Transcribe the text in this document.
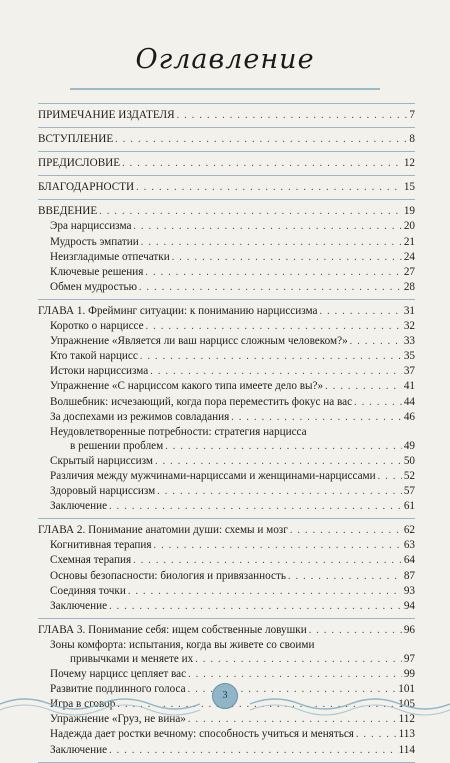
Оглавление
ПРИМЕЧАНИЕ ИЗДАТЕЛЯ . . .	7
ВСТУПЛЕНИЕ . . .	8
ПРЕДИСЛОВИЕ . . .	12
БЛАГОДАРНОСТИ . . .	15
ВВЕДЕНИЕ . . .	19
Эра нарциссизма . . .	20
Мудрость эмпатии . . .	21
Неизгладимые отпечатки . . .	24
Ключевые решения . . .	27
Обмен мудростью . . .	28
ГЛАВА 1. Фрейминг ситуации: к пониманию нарциссизма . . .	31
Коротко о нарциссе . . .	32
Упражнение «Является ли ваш нарцисс сложным человеком?» . . .	33
Кто такой нарцисс . . .	35
Истоки нарциссизма . . .	37
Упражнение «С нарциссом какого типа имеете дело вы?» . . .	41
Волшебник: исчезающий, когда пора переместить фокус на вас . . .	44
За доспехами из режимов совладания . . .	46
Неудовлетворенные потребности: стратегия нарцисса
в решении проблем . . .	49
Скрытый нарциссизм . . .	50
Различия между мужчинами-нарциссами и женщинами-нарциссами . . .	52
Здоровый нарциссизм . . .	57
Заключение . . .	61
ГЛАВА 2. Понимание анатомии души: схемы и мозг . . .	62
Когнитивная терапия . . .	63
Схемная терапия . . .	64
Основы безопасности: биология и привязанность . . .	87
Соединяя точки . . .	93
Заключение . . .	94
ГЛАВА 3. Понимание себя: ищем собственные ловушки . . .	96
Зоны комфорта: испытания, когда вы живете со своими
привычками и меняете их . . .	97
Почему нарцисс цепляет вас . . .	99
Развитие подлинного голоса . . .	101
Игра в сговор . . .	105
Упражнение «Груз, не вина» . . .	112
Надежда дает ростки вечному: способность учиться и меняться . . .	113
Заключение . . .	114
3
